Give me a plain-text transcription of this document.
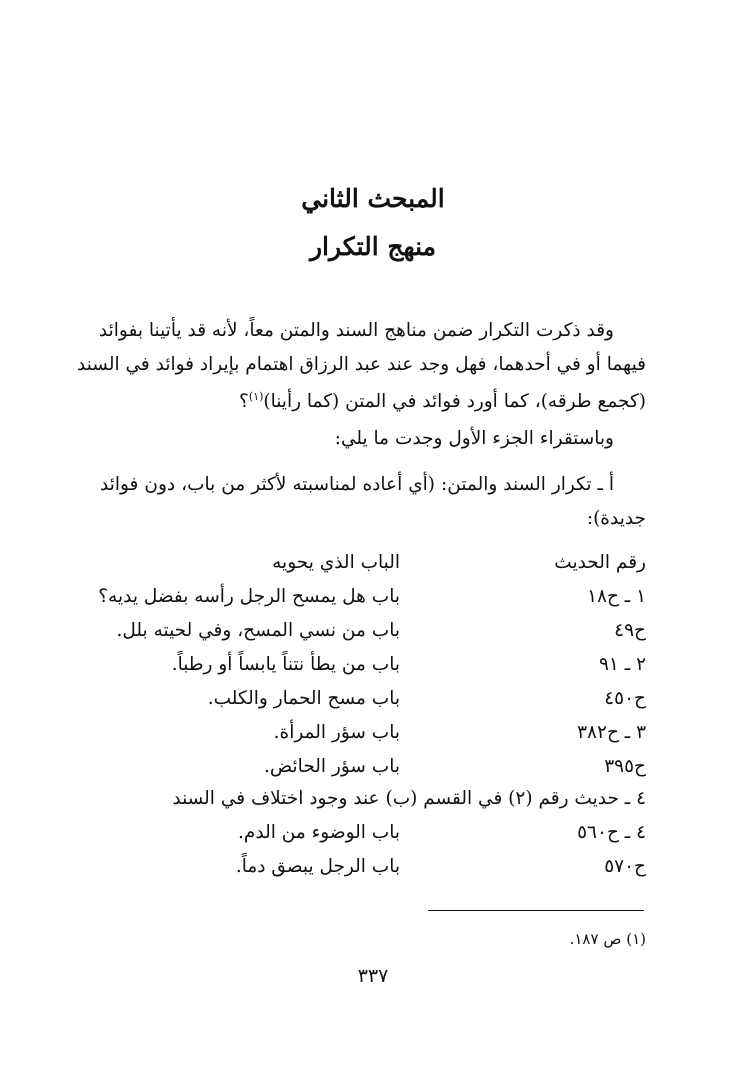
المبحث الثاني
منهج التكرار

وقد ذكرت التكرار ضمن مناهج السند والمتن معاً، لأنه قد يأتينا بفوائد

فيهما أو في أحدهما، فهل وجد عند عبد الرزاق اهتمام بإيراد فوائد في السند

(كجمع طرقه)، كما أورد فوائد في المتن (كما رأينا)$^{(١)}$؟

وباستقراء الجزء الأول وجدت ما يلي:

أ ـ تكرار السند والمتن: (أي أعاده لمناسبته لأكثر من باب، دون فوائد

جديدة):

رقم الحديث
الباب الذي يحويه
١ ـ ح١٨
باب هل يمسح الرجل رأسه بفضل يديه؟
ح٤٩
باب من نسي المسح، وفي لحيته بلل.
٢ ـ ٩١
باب من يطأ نتناً يابساً أو رطباً.
ح٤٥٠
باب مسح الحمار والكلب.
٣ ـ ح٣٨٢
باب سؤر المرأة.
ح٣٩٥
باب سؤر الحائض.
٤ ـ حديث رقم (٢) في القسم (ب) عند وجود اختلاف في السند
٤ ـ ح٥٦٠
باب الوضوء من الدم.
ح٥٧٠
باب الرجل يبصق دماً.
(١) ص ١٨٧.
٣٣٧
